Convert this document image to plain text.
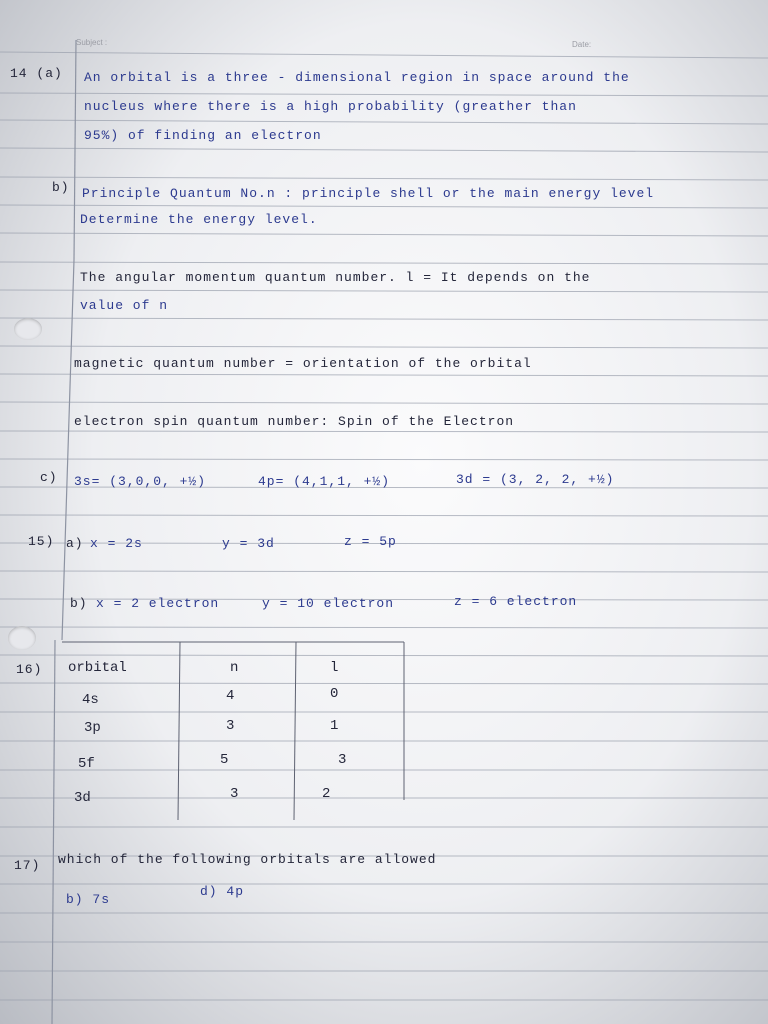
Subject :	Date:
14 (a) An orbital is a three - dimensional region in space around the
nucleus where there is a high probability (greather than
95%) of finding an electron
b) Principle Quantum No.n : principle shell or the main energy level
Determine the energy level.
The angular momentum quantum number. l = It depends on the
value of n
magnetic quantum number = orientation of the orbital
electron spin quantum number: Spin of the Electron
c) 3s= (3,0,0, +½)	4p= (4,1,1, +½)	3d = (3, 2, 2, +½)
15) a) x = 2s	y = 3d	z = 5p
b) x = 2 electron	y = 10 electron	z = 6 electron
16) orbital	n	l
4s	4	0
3p	3	1
5f	5	3
3d	3	2
17) which of the following orbitals are allowed
b) 7s
d) 4p
